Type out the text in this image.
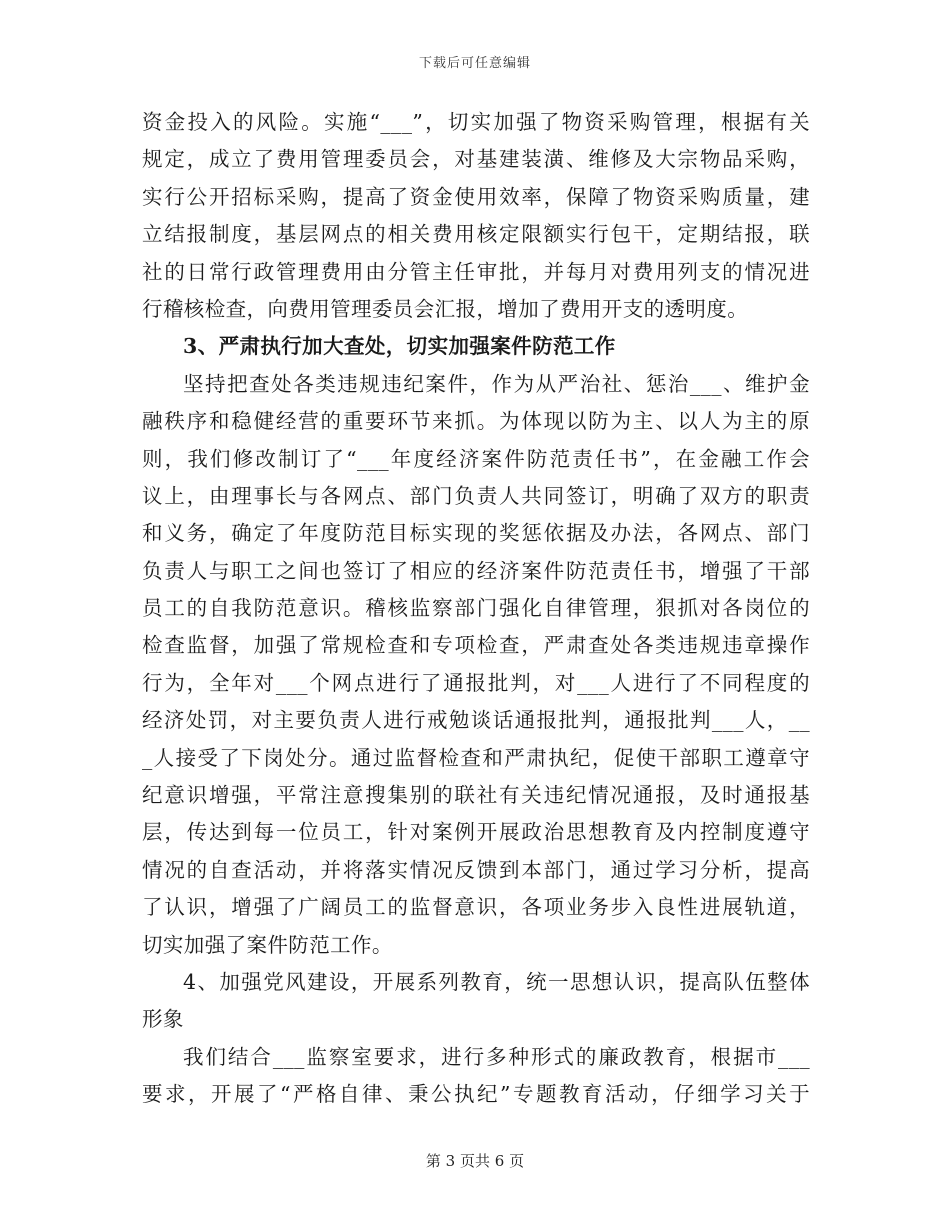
下载后可任意编辑
资金投入的风险。实施“___”，切实加强了物资采购管理，根据有关
规定，成立了费用管理委员会，对基建装潢、维修及大宗物品采购，
实行公开招标采购，提高了资金使用效率，保障了物资采购质量，建
立结报制度，基层网点的相关费用核定限额实行包干，定期结报，联
社的日常行政管理费用由分管主任审批，并每月对费用列支的情况进
行稽核检查，向费用管理委员会汇报，增加了费用开支的透明度。
3、严肃执行加大查处，切实加强案件防范工作
坚持把查处各类违规违纪案件，作为从严治社、惩治___、维护金
融秩序和稳健经营的重要环节来抓。为体现以防为主、以人为主的原
则，我们修改制订了“___年度经济案件防范责任书”，在金融工作会
议上，由理事长与各网点、部门负责人共同签订，明确了双方的职责
和义务，确定了年度防范目标实现的奖惩依据及办法，各网点、部门
负责人与职工之间也签订了相应的经济案件防范责任书，增强了干部
员工的自我防范意识。稽核监察部门强化自律管理，狠抓对各岗位的
检查监督，加强了常规检查和专项检查，严肃查处各类违规违章操作
行为，全年对___个网点进行了通报批判，对___人进行了不同程度的
经济处罚，对主要负责人进行戒勉谈话通报批判，通报批判___人，__
_人接受了下岗处分。通过监督检查和严肃执纪，促使干部职工遵章守
纪意识增强，平常注意搜集别的联社有关违纪情况通报，及时通报基
层，传达到每一位员工，针对案例开展政治思想教育及内控制度遵守
情况的自查活动，并将落实情况反馈到本部门，通过学习分析，提高
了认识，增强了广阔员工的监督意识，各项业务步入良性进展轨道，
切实加强了案件防范工作。
4、加强党风建设，开展系列教育，统一思想认识，提高队伍整体
形象
我们结合___监察室要求，进行多种形式的廉政教育，根据市___
要求，开展了“严格自律、秉公执纪”专题教育活动，仔细学习关于
第 3 页共 6 页
